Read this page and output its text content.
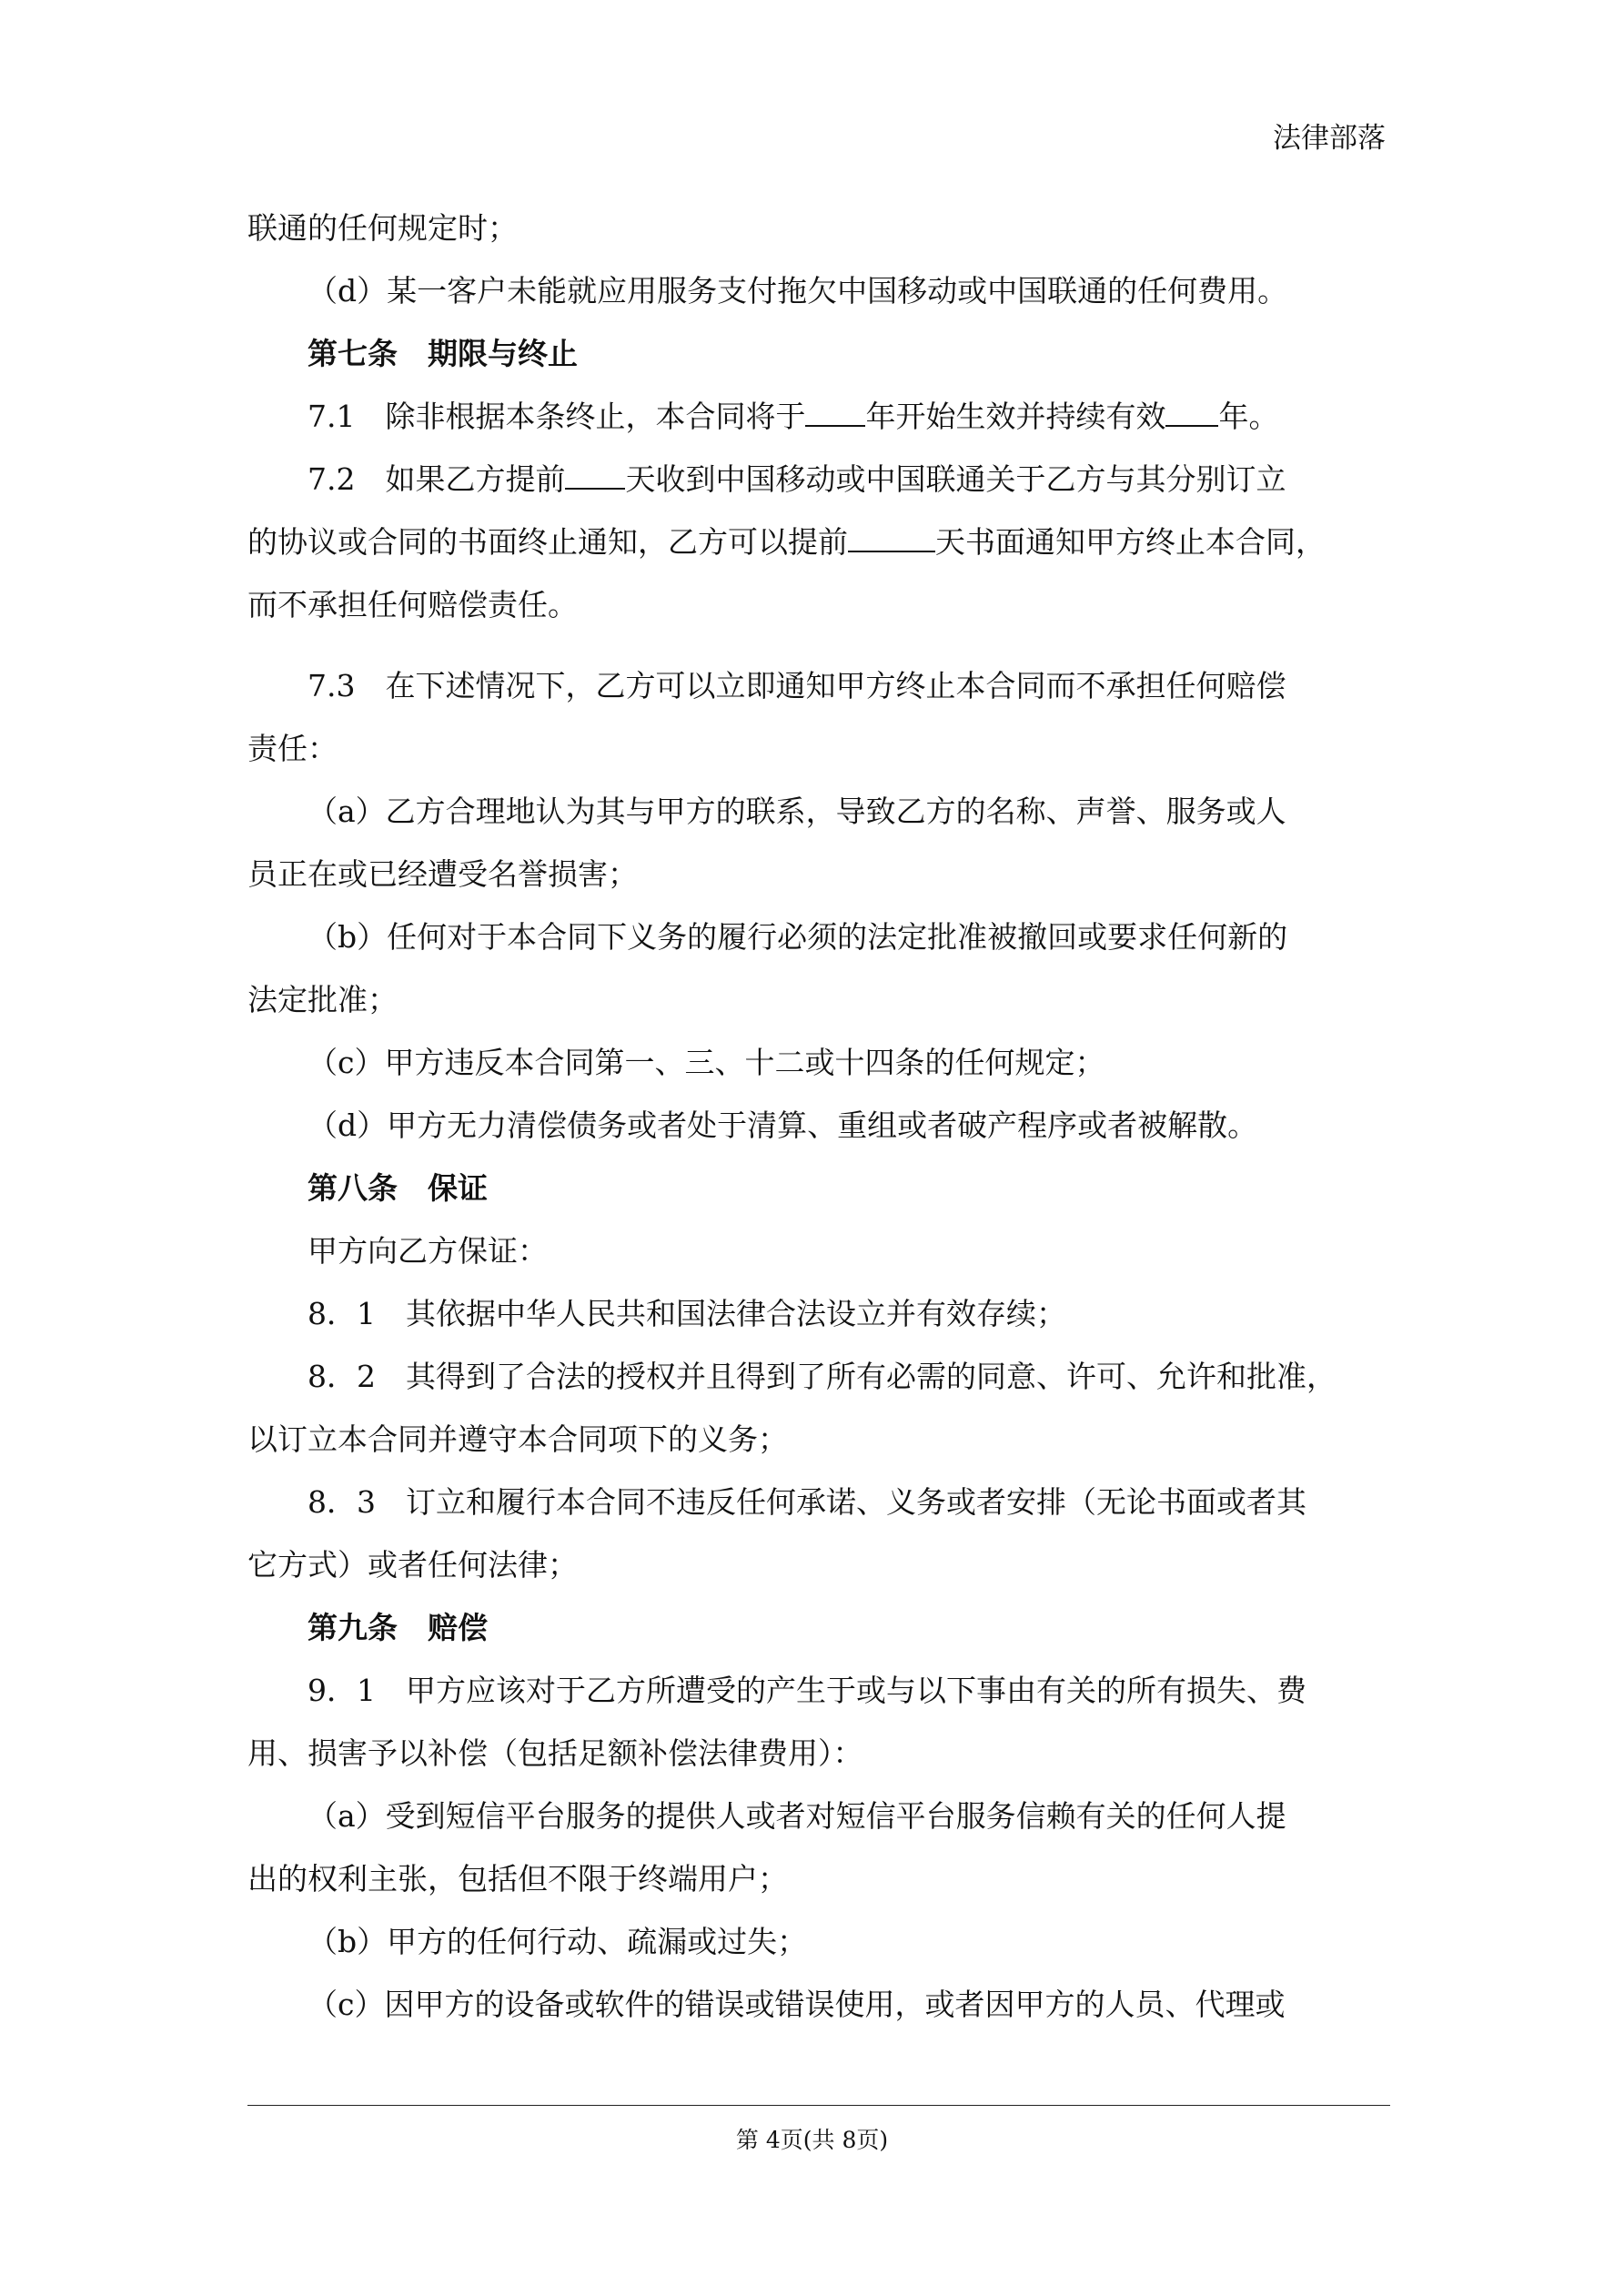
法律部落
联通的任何规定时；
（d）某一客户未能就应用服务支付拖欠中国移动或中国联通的任何费用。
第七条　期限与终止
7.1　除非根据本条终止，本合同将于 年开始生效并持续有效 年。
7.2　如果乙方提前 天收到中国移动或中国联通关于乙方与其分别订立
的协议或合同的书面终止通知，乙方可以提前	天书面通知甲方终止本合同，
而不承担任何赔偿责任。
7.3　在下述情况下，乙方可以立即通知甲方终止本合同而不承担任何赔偿
责任：
（a）乙方合理地认为其与甲方的联系，导致乙方的名称、声誉、服务或人
员正在或已经遭受名誉损害；
（b）任何对于本合同下义务的履行必须的法定批准被撤回或要求任何新的
法定批准；
（c）甲方违反本合同第一、三、十二或十四条的任何规定；
（d）甲方无力清偿债务或者处于清算、重组或者破产程序或者被解散。
第八条　保证
甲方向乙方保证：
8．1　其依据中华人民共和国法律合法设立并有效存续；
8．2　其得到了合法的授权并且得到了所有必需的同意、许可、允许和批准，
以订立本合同并遵守本合同项下的义务；
8．3　订立和履行本合同不违反任何承诺、义务或者安排（无论书面或者其
它方式）或者任何法律；
第九条　赔偿
9．1　甲方应该对于乙方所遭受的产生于或与以下事由有关的所有损失、费
用、损害予以补偿（包括足额补偿法律费用）：
（a）受到短信平台服务的提供人或者对短信平台服务信赖有关的任何人提
出的权利主张，包括但不限于终端用户；
（b）甲方的任何行动、疏漏或过失；
（c）因甲方的设备或软件的错误或错误使用，或者因甲方的人员、代理或
第 4页(共 8页)
